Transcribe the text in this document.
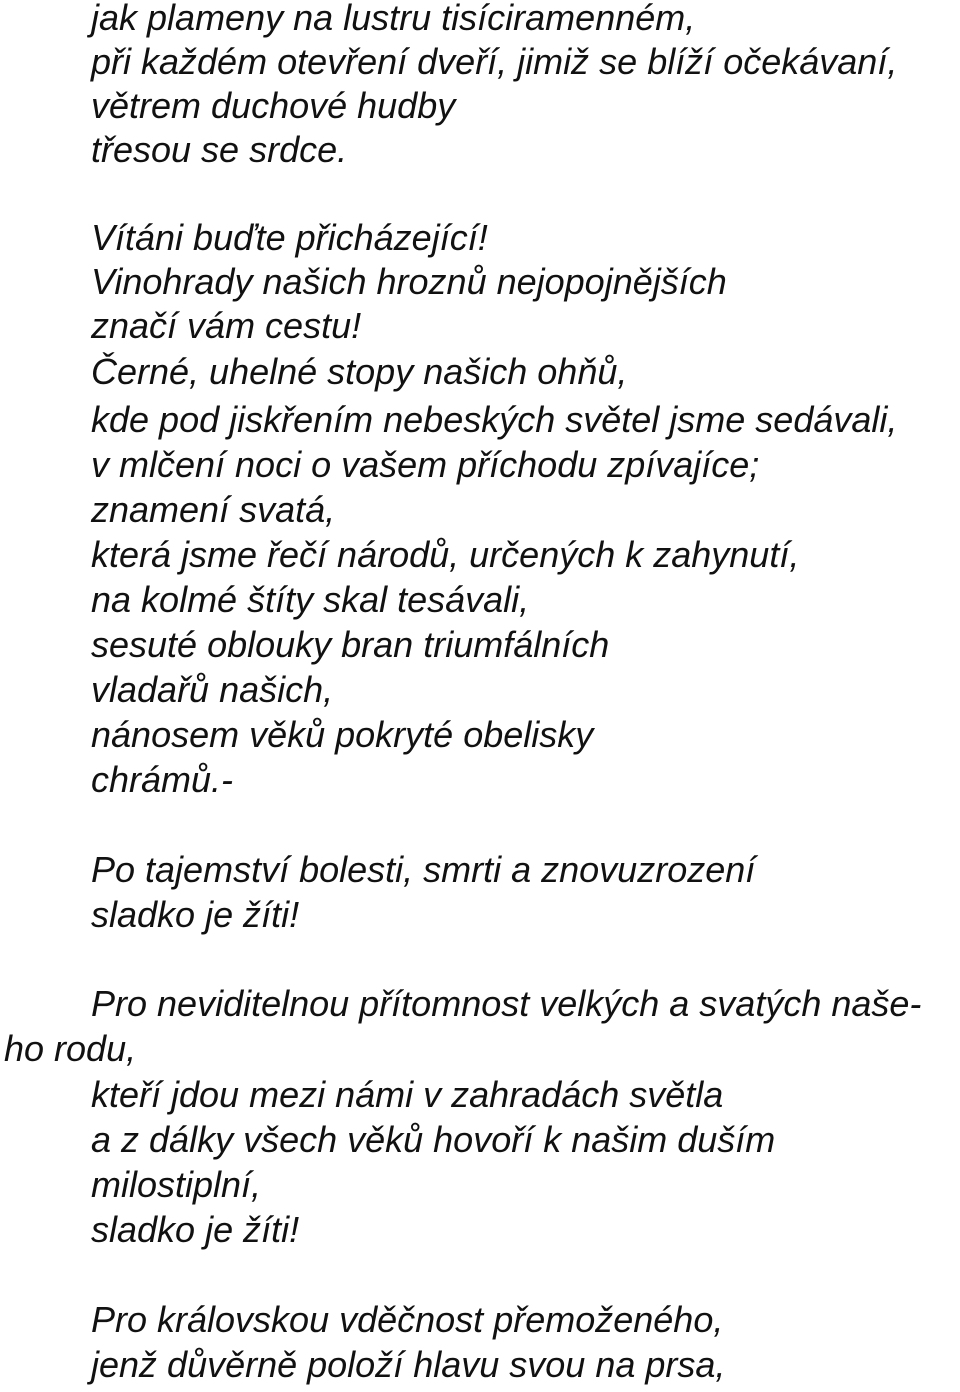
jak plameny na lustru tisíciramenném,
při každém otevření dveří, jimiž se blíží očekávaní,
větrem duchové hudby
třesou se srdce.
Vítáni buďte přicházející!
Vinohrady našich hroznů nejopojnějších
značí vám cestu!
Černé, uhelné stopy našich ohňů,
kde pod jiskřením nebeských světel jsme sedávali,
v mlčení noci o vašem příchodu zpívajíce;
znamení svatá,
která jsme řečí národů, určených k zahynutí,
na kolmé štíty skal tesávali,
sesuté oblouky bran triumfálních
vladařů našich,
nánosem věků pokryté obelisky
chrámů.-
Po tajemství bolesti, smrti a znovuzrození
sladko je žíti!
Pro neviditelnou přítomnost velkých a svatých naše-
ho rodu,
kteří jdou mezi námi v zahradách světla
a z dálky všech věků hovoří k našim duším
milostiplní,
sladko je žíti!
Pro královskou vděčnost přemoženého,
jenž důvěrně položí hlavu svou na prsa,
